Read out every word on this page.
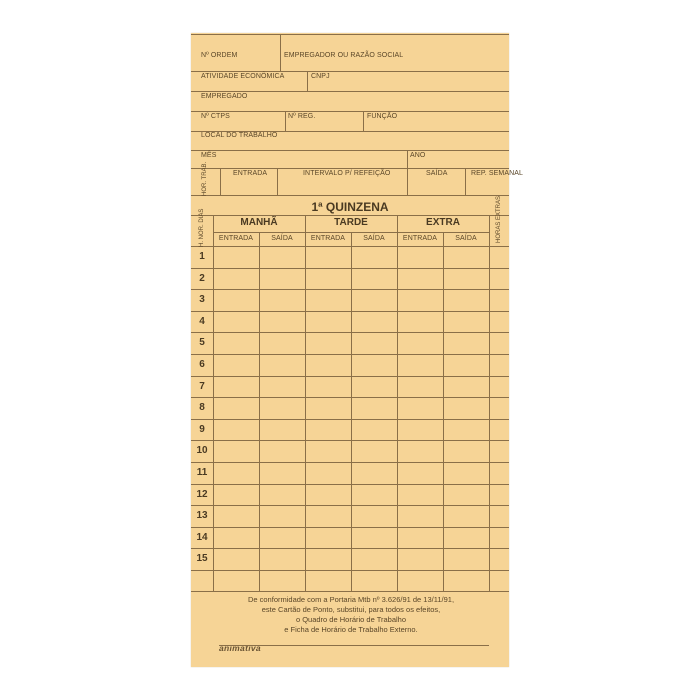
Nº ORDEM	EMPREGADOR OU RAZÃO SOCIAL
ATIVIDADE ECONÔMICA	CNPJ
EMPREGADO
Nº CTPS	Nº REG.	FUNÇÃO
LOCAL DO TRABALHO
MÊS	ANO
HOR. TRAB.	ENTRADA	INTERVALO P/ REFEIÇÃO	SAÍDA	REP. SEMANAL
1ª QUINZENA
H. NOR. DIAS	MANHÃ	TARDE	EXTRA
ENTRADA	SAÍDA	ENTRADA	SAÍDA	ENTRADA	SAÍDA	HORAS EXTRAS
1
2
3
4
5
6
7
8
9
10
11
12
13
14
15
De conformidade com a Portaria Mtb nº 3.626/91 de 13/11/91,
este Cartão de Ponto, substitui, para todos os efeitos,
o Quadro de Horário de Trabalho
e Ficha de Horário de Trabalho Externo.
animativa
